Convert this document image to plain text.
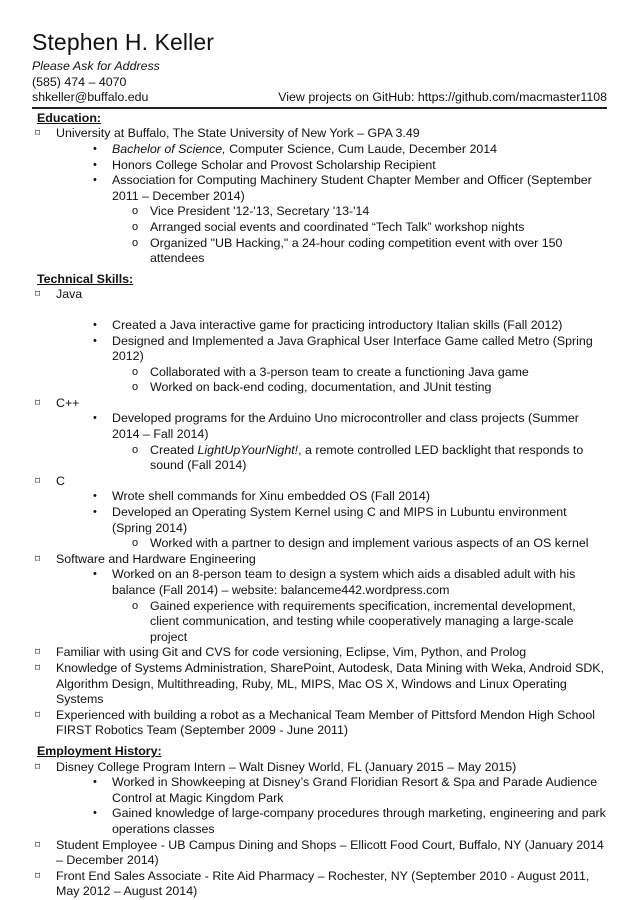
Stephen H. Keller
Please Ask for Address
(585) 474 – 4070
shkeller@buffalo.edu	View projects on GitHub: https://github.com/macmaster1108
Education:
⌑ University at Buffalo, The State University of New York – GPA 3.49
• Bachelor of Science, Computer Science, Cum Laude, December 2014
• Honors College Scholar and Provost Scholarship Recipient
• Association for Computing Machinery Student Chapter Member and Officer (September 2011 – December 2014)
o Vice President '12-'13, Secretary '13-'14
o Arranged social events and coordinated “Tech Talk” workshop nights
o Organized "UB Hacking," a 24-hour coding competition event with over 150 attendees
Technical Skills:
⌑ Java
• Created a Java interactive game for practicing introductory Italian skills (Fall 2012)
• Designed and Implemented a Java Graphical User Interface Game called Metro (Spring 2012)
o Collaborated with a 3-person team to create a functioning Java game
o Worked on back-end coding, documentation, and JUnit testing
⌑ C++
• Developed programs for the Arduino Uno microcontroller and class projects (Summer 2014 – Fall 2014)
o Created LightUpYourNight!, a remote controlled LED backlight that responds to sound (Fall 2014)
⌑ C
• Wrote shell commands for Xinu embedded OS (Fall 2014)
• Developed an Operating System Kernel using C and MIPS in Lubuntu environment (Spring 2014)
o Worked with a partner to design and implement various aspects of an OS kernel
⌑ Software and Hardware Engineering
• Worked on an 8-person team to design a system which aids a disabled adult with his balance (Fall 2014) – website: balanceme442.wordpress.com
o Gained experience with requirements specification, incremental development, client communication, and testing while cooperatively managing a large-scale project
⌑ Familiar with using Git and CVS for code versioning, Eclipse, Vim, Python, and Prolog
⌑ Knowledge of Systems Administration, SharePoint, Autodesk, Data Mining with Weka, Android SDK, Algorithm Design, Multithreading, Ruby, ML, MIPS, Mac OS X, Windows and Linux Operating Systems
⌑ Experienced with building a robot as a Mechanical Team Member of Pittsford Mendon High School FIRST Robotics Team (September 2009 - June 2011)
Employment History:
⌑ Disney College Program Intern – Walt Disney World, FL (January 2015 – May 2015)
• Worked in Showkeeping at Disney’s Grand Floridian Resort & Spa and Parade Audience Control at Magic Kingdom Park
• Gained knowledge of large-company procedures through marketing, engineering and park operations classes
⌑ Student Employee - UB Campus Dining and Shops – Ellicott Food Court, Buffalo, NY (January 2014 – December 2014)
⌑ Front End Sales Associate - Rite Aid Pharmacy – Rochester, NY (September 2010 - August 2011, May 2012 – August 2014)
